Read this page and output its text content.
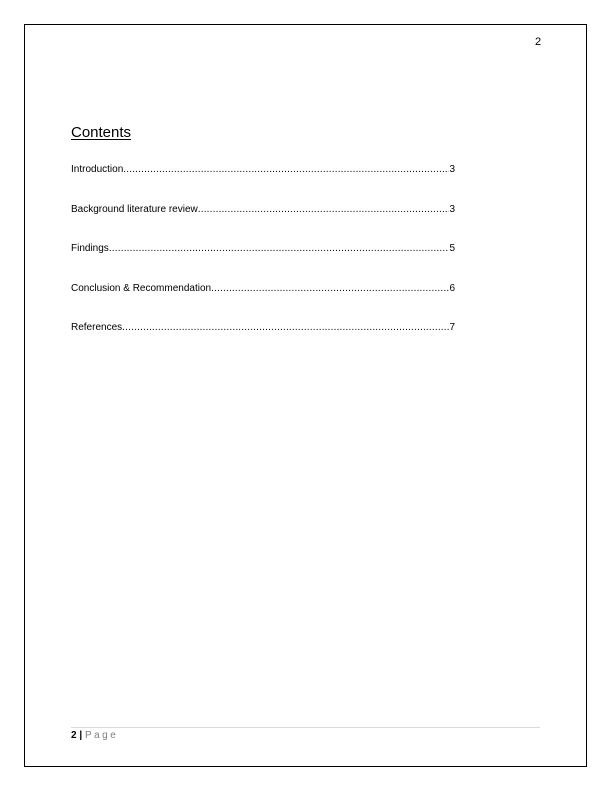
2
Contents
Introduction .....	3
Background literature review .....	3
Findings .....	5
Conclusion & Recommendation .....	6
References .....	7
2 | Page
